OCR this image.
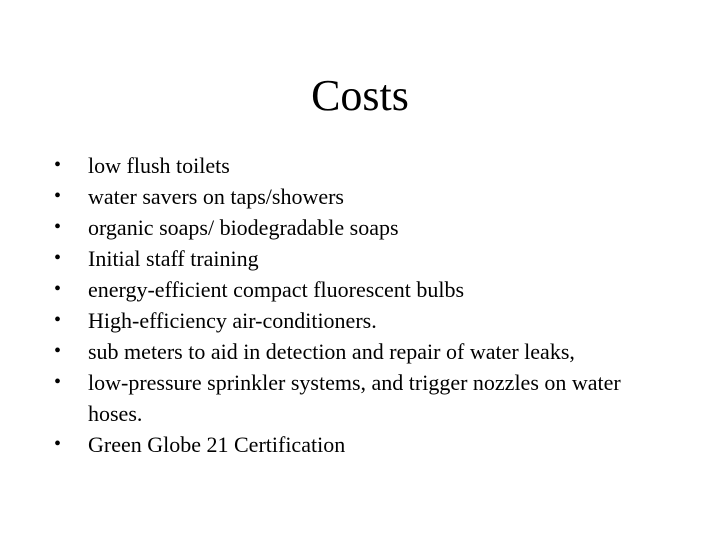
Costs
• low flush toilets
• water savers on taps/showers
• organic soaps/ biodegradable soaps
• Initial staff training
• energy-efficient compact fluorescent bulbs
• High-efficiency air-conditioners.
• sub meters to aid in detection and repair of water leaks,
• low-pressure sprinkler systems, and trigger nozzles on water hoses.
• Green Globe 21 Certification
